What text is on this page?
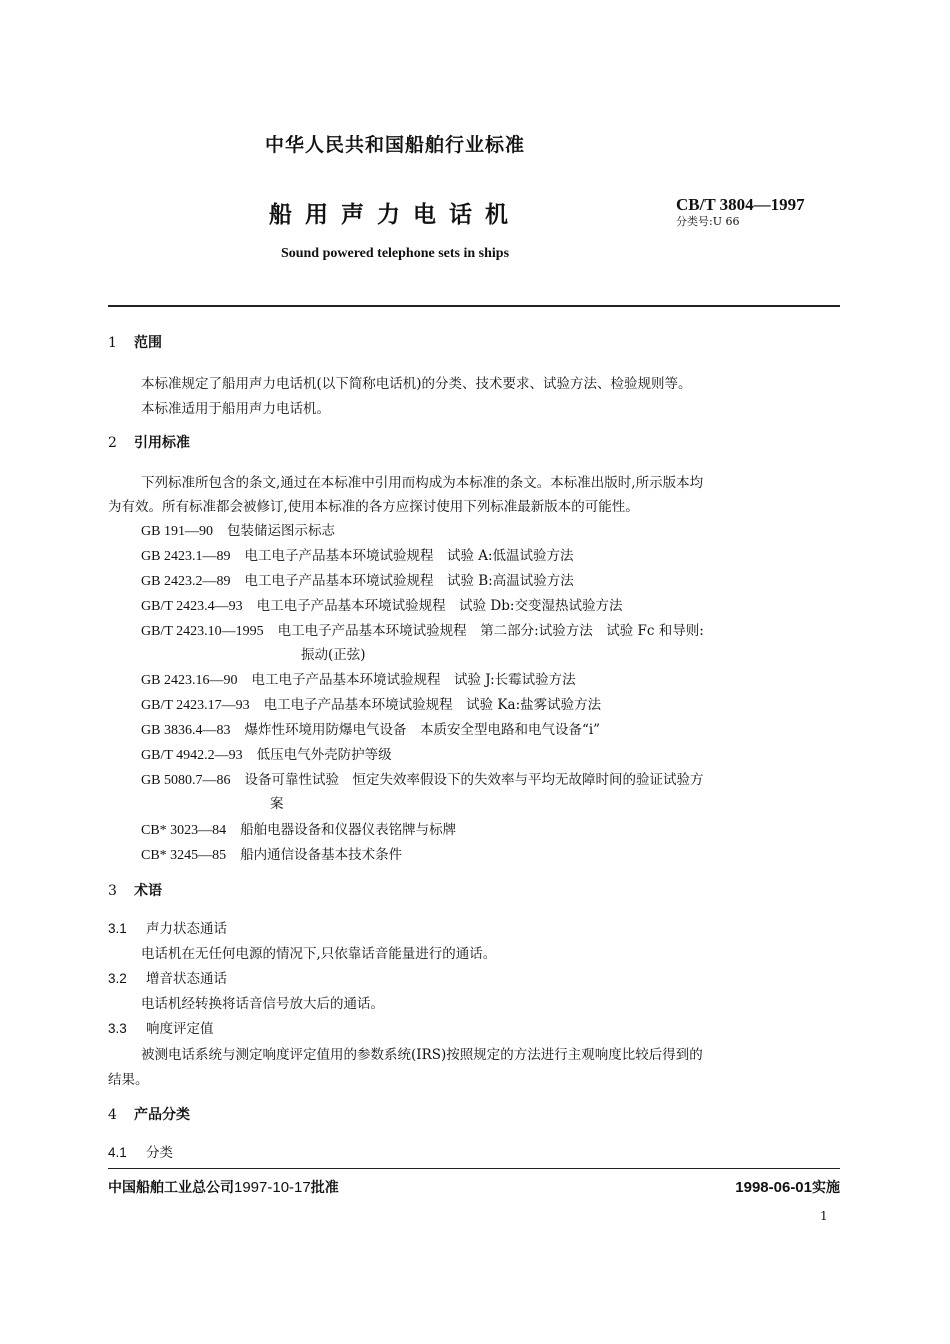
中华人民共和国船舶行业标准
船用声力电话机	CB/T 3804—1997
分类号:U 66
Sound powered telephone sets in ships
1 范围
本标准规定了船用声力电话机(以下简称电话机)的分类、技术要求、试验方法、检验规则等。
本标准适用于船用声力电话机。
2 引用标准
下列标准所包含的条文,通过在本标准中引用而构成为本标准的条文。本标准出版时,所示版本均
为有效。所有标准都会被修订,使用本标准的各方应探讨使用下列标准最新版本的可能性。
GB 191—90 包装储运图示标志
GB 2423.1—89 电工电子产品基本环境试验规程　试验 A:低温试验方法
GB 2423.2—89 电工电子产品基本环境试验规程　试验 B:高温试验方法
GB/T 2423.4—93 电工电子产品基本环境试验规程　试验 Db:交变湿热试验方法
GB/T 2423.10—1995 电工电子产品基本环境试验规程　第二部分:试验方法　试验 Fc 和导则:
振动(正弦)
GB 2423.16—90 电工电子产品基本环境试验规程　试验 J:长霉试验方法
GB/T 2423.17—93 电工电子产品基本环境试验规程　试验 Ka:盐雾试验方法
GB 3836.4—83 爆炸性环境用防爆电气设备　本质安全型电路和电气设备“i”
GB/T 4942.2—93 低压电气外壳防护等级
GB 5080.7—86 设备可靠性试验　恒定失效率假设下的失效率与平均无故障时间的验证试验方
案
CB* 3023—84 船舶电器设备和仪器仪表铭牌与标牌
CB* 3245—85 船内通信设备基本技术条件
3 术语
3.1 声力状态通话
电话机在无任何电源的情况下,只依靠话音能量进行的通话。
3.2 增音状态通话
电话机经转换将话音信号放大后的通话。
3.3 响度评定值
被测电话系统与测定响度评定值用的参数系统(IRS)按照规定的方法进行主观响度比较后得到的
结果。
4 产品分类
4.1 分类
中国船舶工业总公司1997-10-17批准	1998-06-01实施
1
